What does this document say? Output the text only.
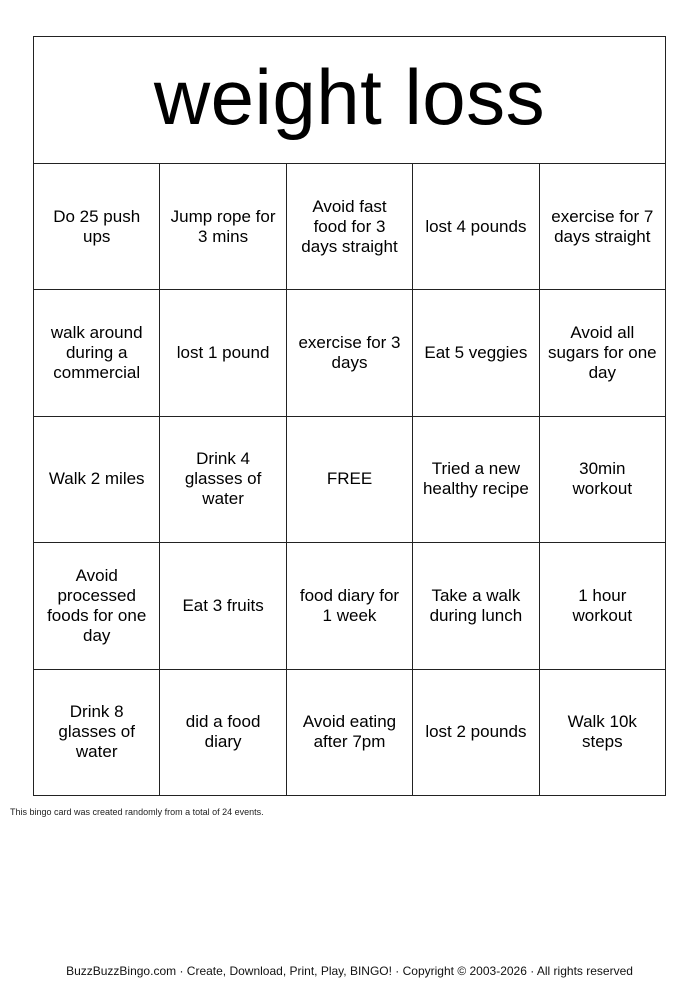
weight loss
Do 25 push ups
Jump rope for 3 mins
Avoid fast food for 3 days straight
lost 4 pounds
exercise for 7 days straight
walk around during a commercial
lost 1 pound
exercise for 3 days
Eat 5 veggies
Avoid all sugars for one day
Walk 2 miles
Drink 4 glasses of water
FREE
Tried a new healthy recipe
30min workout
Avoid processed foods for one day
Eat 3 fruits
food diary for 1 week
Take a walk during lunch
1 hour workout
Drink 8 glasses of water
did a food diary
Avoid eating after 7pm
lost 2 pounds
Walk 10k steps
This bingo card was created randomly from a total of 24 events.
BuzzBuzzBingo.com · Create, Download, Print, Play, BINGO! · Copyright © 2003-2026 · All rights reserved
